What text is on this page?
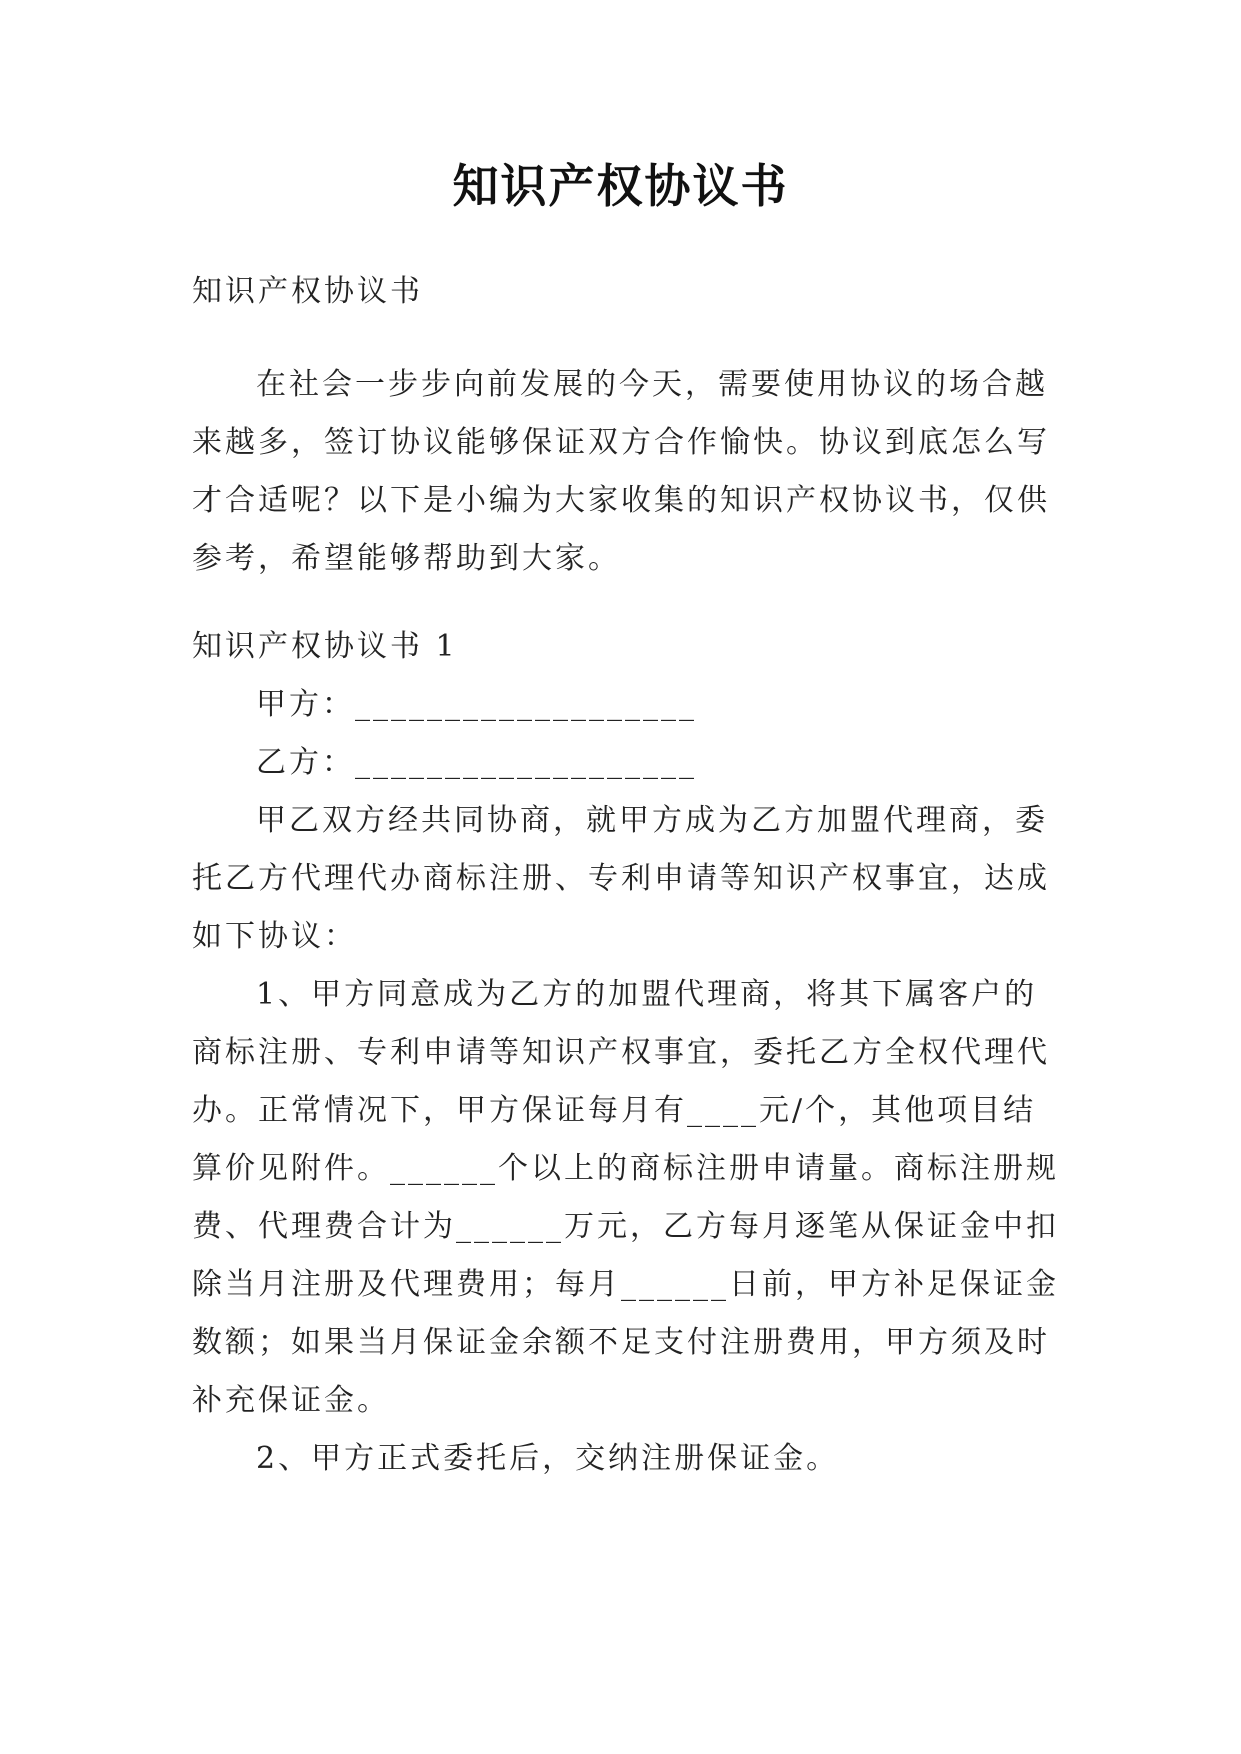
知识产权协议书

知识产权协议书

在社会一步步向前发展的今天，需要使用协议的场合越来越多，签订协议能够保证双方合作愉快。协议到底怎么写才合适呢？以下是小编为大家收集的知识产权协议书，仅供参考，希望能够帮助到大家。

知识产权协议书 1

甲方：___________________

乙方：___________________

甲乙双方经共同协商，就甲方成为乙方加盟代理商，委托乙方代理代办商标注册、专利申请等知识产权事宜，达成如下协议：

1、甲方同意成为乙方的加盟代理商，将其下属客户的商标注册、专利申请等知识产权事宜，委托乙方全权代理代办。正常情况下，甲方保证每月有____元/个，其他项目结算价见附件。______个以上的商标注册申请量。商标注册规费、代理费合计为______万元，乙方每月逐笔从保证金中扣除当月注册及代理费用；每月______日前，甲方补足保证金数额；如果当月保证金余额不足支付注册费用，甲方须及时补充保证金。

2、甲方正式委托后，交纳注册保证金。
